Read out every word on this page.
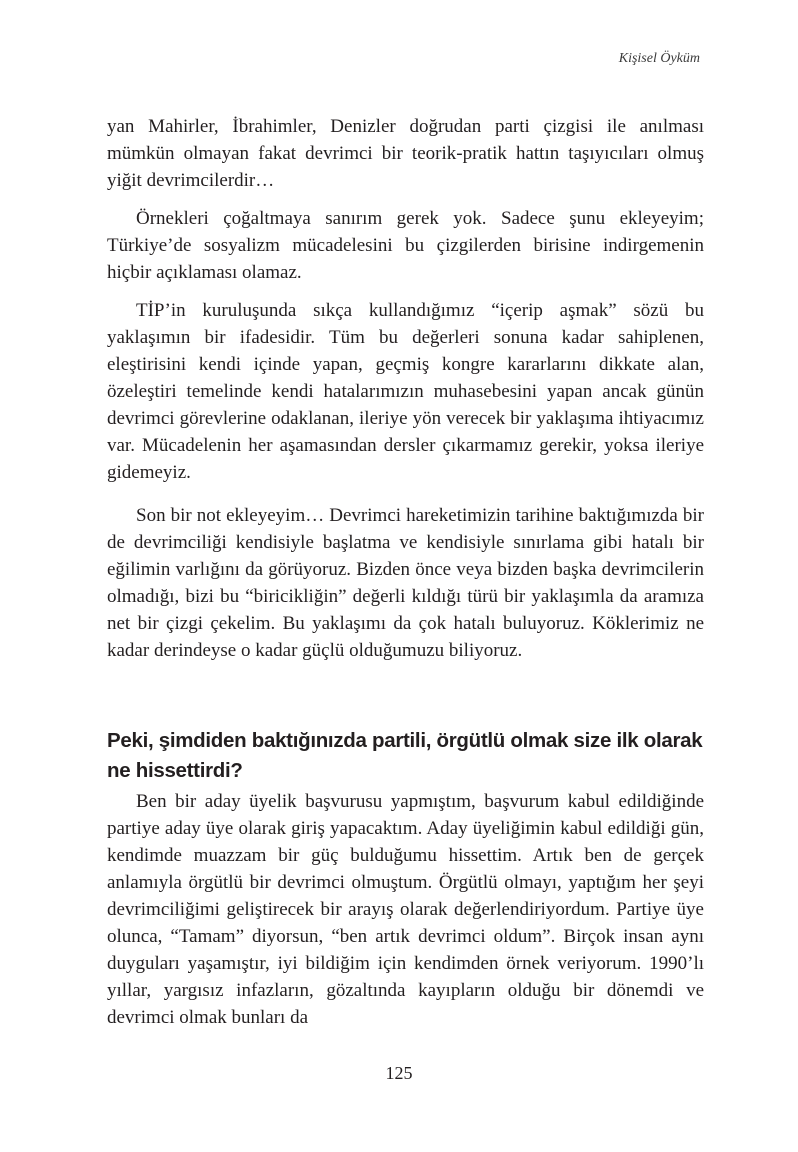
Kişisel Öyküm

yan Mahirler, İbrahimler, Denizler doğrudan parti çizgisi ile anılması mümkün olmayan fakat devrimci bir teorik-pratik hattın taşıyıcıları olmuş yiğit devrimcilerdir…

Örnekleri çoğaltmaya sanırım gerek yok. Sadece şunu ekleyeyim; Türkiye’de sosyalizm mücadelesini bu çizgilerden birisine indirgemenin hiçbir açıklaması olamaz.

TİP’in kuruluşunda sıkça kullandığımız “içerip aşmak” sözü bu yaklaşımın bir ifadesidir. Tüm bu değerleri sonuna kadar sahiplenen, eleştirisini kendi içinde yapan, geçmiş kongre kararlarını dikkate alan, özeleştiri temelinde kendi hatalarımızın muhasebesini yapan ancak günün devrimci görevlerine odaklanan, ileriye yön verecek bir yaklaşıma ihtiyacımız var. Mücadelenin her aşamasından dersler çıkarmamız gerekir, yoksa ileriye gidemeyiz.

Son bir not ekleyeyim… Devrimci hareketimizin tarihine baktığımızda bir de devrimciliği kendisiyle başlatma ve kendisiyle sınırlama gibi hatalı bir eğilimin varlığını da görüyoruz. Bizden önce veya bizden başka devrimcilerin olmadığı, bizi bu “biricikliğin” değerli kıldığı türü bir yaklaşımla da aramıza net bir çizgi çekelim. Bu yaklaşımı da çok hatalı buluyoruz. Köklerimiz ne kadar derindeyse o kadar güçlü olduğumuzu biliyoruz.

Peki, şimdiden baktığınızda partili, örgütlü olmak size ilk olarak ne hissettirdi?

Ben bir aday üyelik başvurusu yapmıştım, başvurum kabul edildiğinde partiye aday üye olarak giriş yapacaktım. Aday üyeliğimin kabul edildiği gün, kendimde muazzam bir güç bulduğumu hissettim. Artık ben de gerçek anlamıyla örgütlü bir devrimci olmuştum. Örgütlü olmayı, yaptığım her şeyi devrimciliğimi geliştirecek bir arayış olarak değerlendiriyordum. Partiye üye olunca, “Tamam” diyorsun, “ben artık devrimci oldum”. Birçok insan aynı duyguları yaşamıştır, iyi bildiğim için kendimden örnek veriyorum. 1990’lı yıllar, yargısız infazların, gözaltında kayıpların olduğu bir dönemdi ve devrimci olmak bunları da

125
